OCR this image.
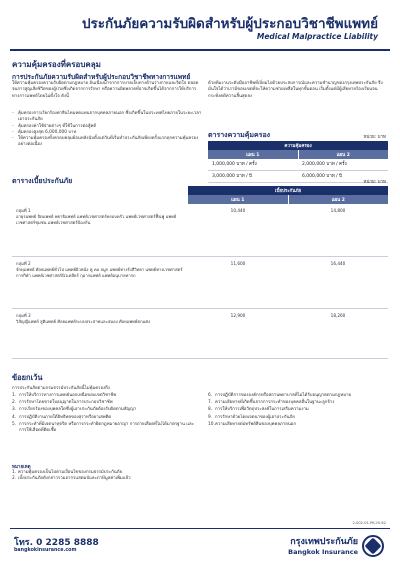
ประกันภัยความรับผิดสำหรับผู้ประกอบวิชาชีพแพทย์
Medical Malpractice Liability
ความคุ้มครองที่ครอบคลุม
การประกันภัยความรับผิดสำหรับผู้ประกอบวิชาชีพทางการแพทย์
ให้ความคุ้มครองความรับผิดตามกฎหมาย อันเนื่องมาจากการบาดเจ็บทางด้านร่างกายและจิตใจ ตลอดจนการสูญเสียชีวิตของผู้ป่วยซึ่งเกิดจากการรักษา หรือความผิดพลาดที่อาจเกิดขึ้นได้จากการให้บริการทางการแพทย์โดยไม่ตั้งใจ ดังนี้
ด้วยทีมงานระดับมืออาชีพที่เปี่ยมไปด้วยประสบการณ์และความชำนาญของกรุงเทพประกันภัย จึงมั่นใจได้ว่าเรามีขอบเขตที่จะให้ความช่วยเหลือในทุกขั้นตอน เริ่มตั้งแต่มีผู้เสียหายร้องเรียนจนกระทั่งคดีความสิ้นสุดลง
- คุ้มครองการเรียกร้องค่าสินไหมทดแทนจากบุคคลภายนอก ซึ่งเกิดขึ้นในประเทศไทยภายในระยะเวลาเอาประกันภัย
- คุ้มครองค่าใช้จ่ายต่างๆ ที่ใช้ในการต่อสู้คดี
- คุ้มครองสูงสุด 6,000,000 บาท
- ให้ความคุ้มครองทั้งครอบคลุมย้อนหลังนับตั้งแต่วันที่เริ่มทำประกันภัยเพียงครั้งแรกทุกความคุ้มครองอย่างต่อเนื่อง
ตารางความคุ้มครอง	หน่วย: บาท
ความคุ้มครอง	
แผน 1	แผน 2
1,000,000 บาท / ครั้ง	2,000,000 บาท / ครั้ง
3,000,000 บาท / ปี	6,000,000 บาท / ปี
ตารางเบี้ยประกันภัย	หน่วย: บาท
	เบี้ยประกันภัย	
	แผน 1	แผน 2
กลุ่มที่ 1
อายุรแพทย์ จิตแพทย์ พยาธิแพทย์ แพทย์เวชศาสตร์ครอบครัว แพทย์เวชศาสตร์ฟื้นฟู แพทย์เวชศาสตร์ชุมชน แพทย์เวชศาสตร์ป้องกัน	10,440	14,800
กลุ่มที่ 2
จักษุแพทย์ ศัลยแพทย์ทั่วไป แพทย์ผิวหนัง หู คอ จมูก แพทย์ทางรังสีวิทยา แพทย์ทางเวชศาสตร์การกีฬา แพทย์เวชศาสตร์นิวเคลียร์ กุมารแพทย์ แพทย์อนุบาลทารก	11,600	16,440
กลุ่มที่ 3
วิสัญญีแพทย์ สูติแพทย์ ศัลยแพทย์ระบบประสาทและสมอง ศัลยแพทย์ตกแต่ง	12,900	18,260
ข้อยกเว้น
การประกันภัยตามกรมธรรม์ประกันภัยนี้ไม่คุ้มครองถึง
1. การให้บริการทางการแพทย์นอกเหนือขอบเขตวิชาชีพ
2. การรักษาโดยขาดใบอนุญาตในการประกอบวิชาชีพ
3. การเรียกร้องของบุคคลใดซึ่งผู้เอาประกันภัยต้องรับผิดตามสัญญา
4. การปฏิบัติงานภายใต้อิทธิพลของสุราหรือยาเสพติด
5. การกระทำที่มีเจตนาทุจริต หรือการกระทำผิดกฎหมายอาญา การถ่ายเลือดที่ไม่ได้มาตรฐาน และการใช้เลือดที่ติดเชื้อ
6. การปฏิบัติการขององค์กรหรือสถานพยาบาลที่ไม่ได้รับอนุญาตตามกฎหมาย
7. ความเสียหายที่เกิดขึ้นจากการกระทำของบุคคลอื่นในฐานะลูกจ้าง
8. การให้บริการเพื่อวัตถุประสงค์ในการเสริมความงาม
9. การรักษาด้วยโดยเจตนาของผู้เอาประกันภัย
10. ความเสียหายต่อทรัพย์สินของบุคคลภายนอก
หมายเหตุ
1. ความคุ้มครองเป็นไปตามเงื่อนไขของกรมธรรม์ประกันภัย
2. เบี้ยประกันภัยดังกล่าวรวมอากรแสตมป์และภาษีมูลค่าเพิ่มแล้ว
2-002-01-PK-20-62
โทร. 0 2285 8888
bangkokinsurance.com
กรุงเทพประกันภัย
Bangkok Insurance
